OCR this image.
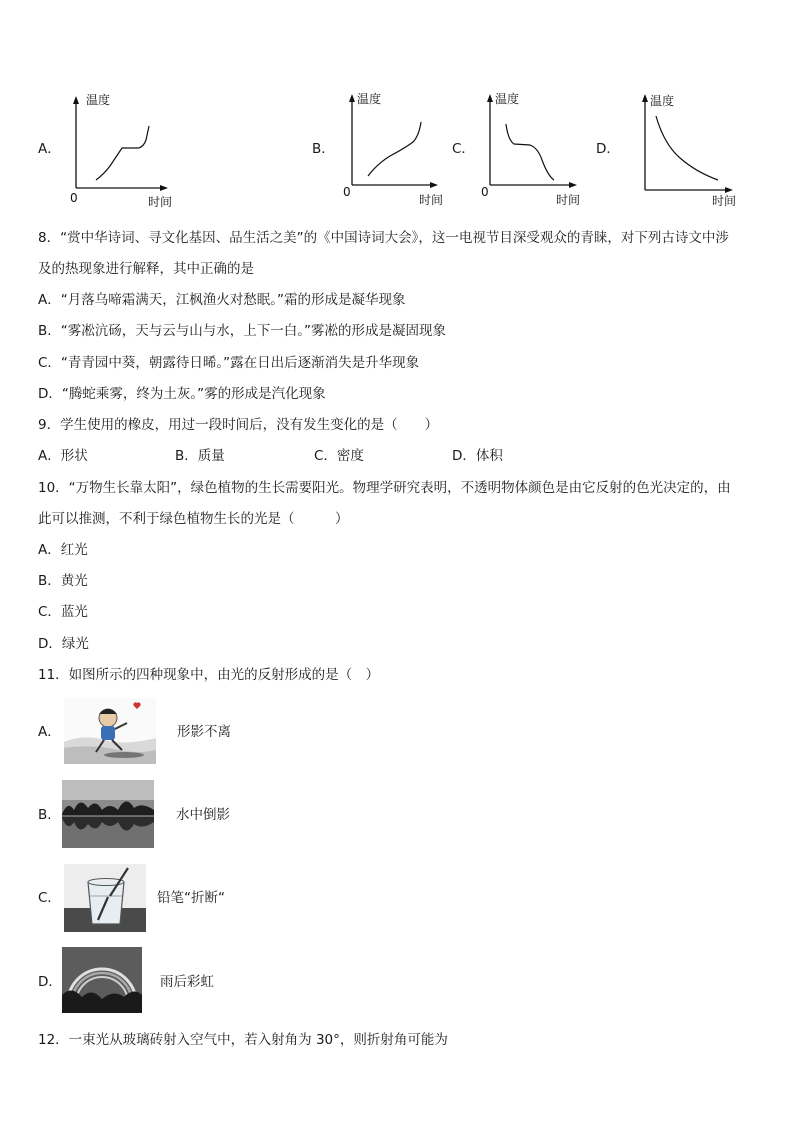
A．
温度
0	时间
B．
温度
0
时间
C．
温度
0
时间
D．
温度
时间
8．“赏中华诗词、寻文化基因、品生活之美”的《中国诗词大会》，这一电视节目深受观众的青睐，对下列古诗文中涉
及的热现象进行解释，其中正确的是
A．“月落乌啼霜满天，江枫渔火对愁眠。”霜的形成是凝华现象
B．“雾凇沆砀，天与云与山与水，上下一白。”雾凇的形成是凝固现象
C．“青青园中葵，朝露待日晞。”露在日出后逐渐消失是升华现象
D．“腾蛇乘雾，终为土灰。”雾的形成是汽化现象
9．学生使用的橡皮，用过一段时间后，没有发生变化的是（　　）
A．形状	B．质量	C．密度	D．体积
10．“万物生长靠太阳”，绿色植物的生长需要阳光。物理学研究表明，不透明物体颜色是由它反射的色光决定的，由
此可以推测，不利于绿色植物生长的光是（　　　）
A．红光
B．黄光
C．蓝光
D．绿光
11．如图所示的四种现象中，由光的反射形成的是（　）
A．	形影不离
B．	水中倒影
C．	铅笔“折断“
D．	雨后彩虹
12．一束光从玻璃砖射入空气中，若入射角为 30°，则折射角可能为
